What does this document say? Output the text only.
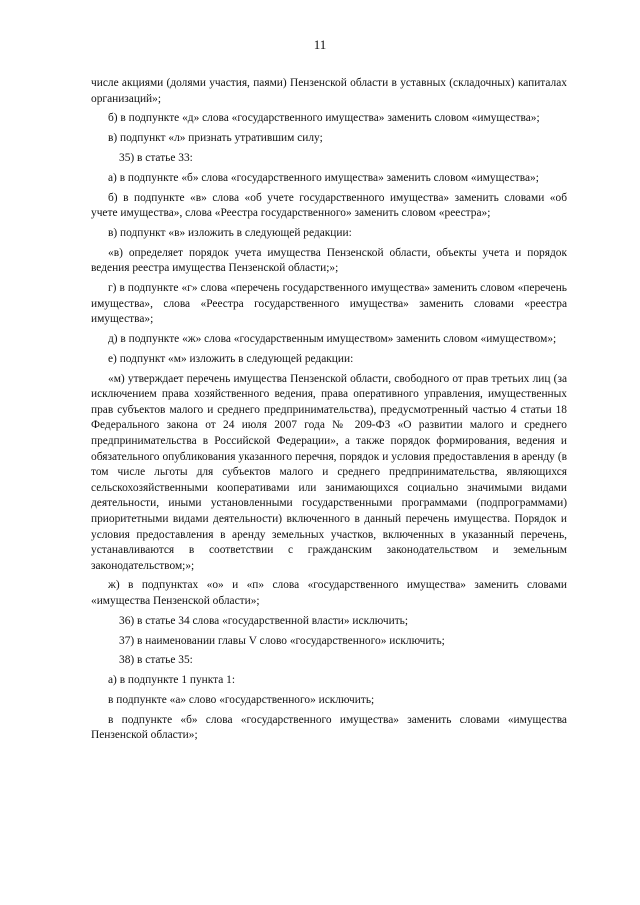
11

числе акциями (долями участия, паями) Пензенской области в уставных (складочных) капиталах организаций»;

б) в подпункте «д» слова «государственного имущества» заменить словом «имущества»;

в) подпункт «л» признать утратившим силу;

35) в статье 33:

а) в подпункте «б» слова «государственного имущества» заменить словом «имущества»;

б) в подпункте «в» слова «об учете государственного имущества» заменить словами «об учете имущества», слова «Реестра государственного» заменить словом «реестра»;

в) подпункт «в» изложить в следующей редакции:

«в) определяет порядок учета имущества Пензенской области, объекты учета и порядок ведения реестра имущества Пензенской области;»;

г) в подпункте «г» слова «перечень государственного имущества» заменить словом «перечень имущества», слова «Реестра государственного имущества» заменить словами «реестра имущества»;

д) в подпункте «ж» слова «государственным имуществом» заменить словом «имуществом»;

е) подпункт «м» изложить в следующей редакции:

«м) утверждает перечень имущества Пензенской области, свободного от прав третьих лиц (за исключением права хозяйственного ведения, права оперативного управления, имущественных прав субъектов малого и среднего предпринимательства), предусмотренный частью 4 статьи 18 Федерального закона от 24 июля 2007 года № 209-ФЗ «О развитии малого и среднего предпринимательства в Российской Федерации», а также порядок формирования, ведения и обязательного опубликования указанного перечня, порядок и условия предоставления в аренду (в том числе льготы для субъектов малого и среднего предпринимательства, являющихся сельскохозяйственными кооперативами или занимающихся социально значимыми видами деятельности, иными установленными государственными программами (подпрограммами) приоритетными видами деятельности) включенного в данный перечень имущества. Порядок и условия предоставления в аренду земельных участков, включенных в указанный перечень, устанавливаются в соответствии с гражданским законодательством и земельным законодательством;»;

ж) в подпунктах «о» и «п» слова «государственного имущества» заменить словами «имущества Пензенской области»;

36) в статье 34 слова «государственной власти» исключить;

37) в наименовании главы V слово «государственного» исключить;

38) в статье 35:

а) в подпункте 1 пункта 1:

в подпункте «а» слово «государственного» исключить;

в подпункте «б» слова «государственного имущества» заменить словами «имущества Пензенской области»;
